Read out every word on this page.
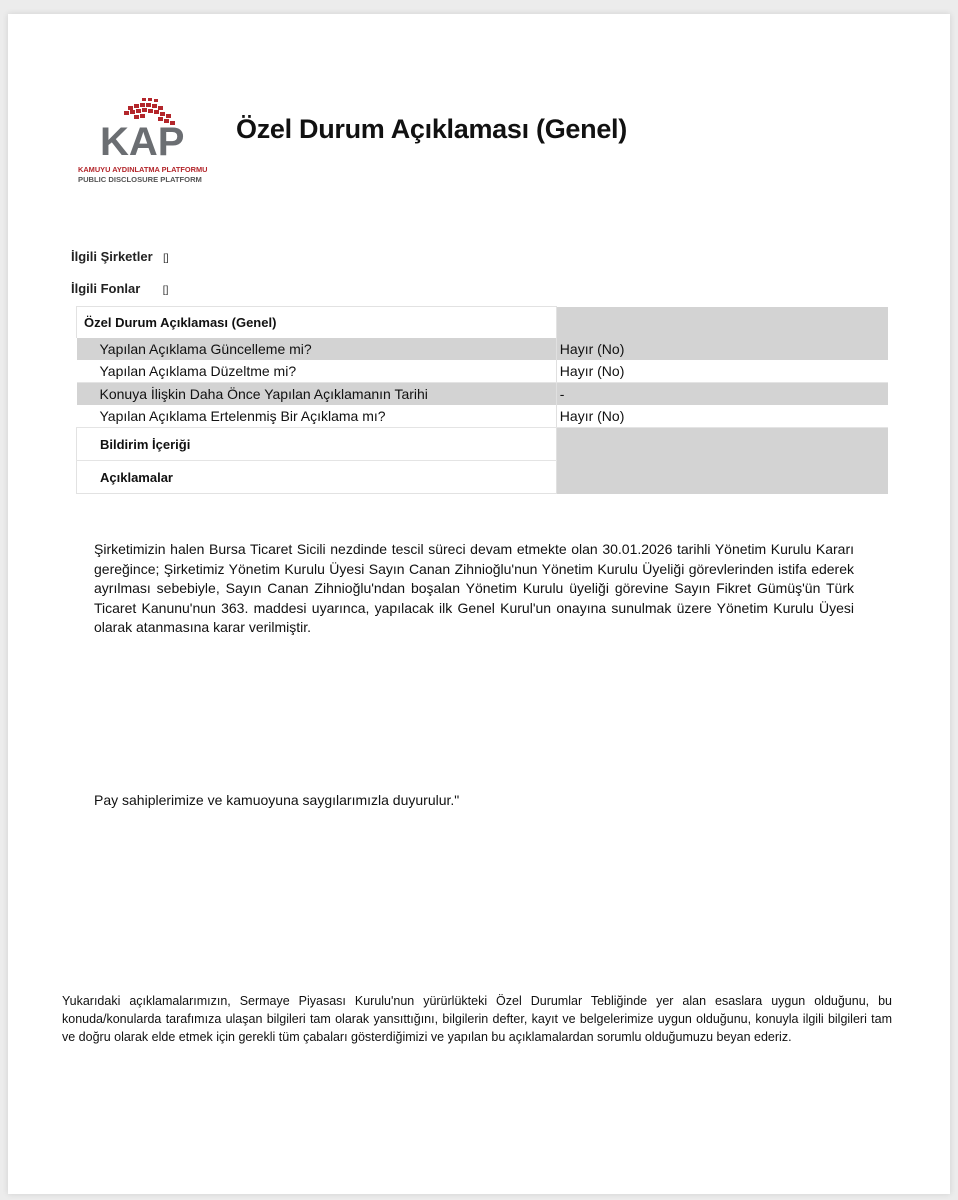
KAP
KAMUYU AYDINLATMA PLATFORMU
PUBLIC DISCLOSURE PLATFORM
Özel Durum Açıklaması (Genel)
İlgili Şirketler []
İlgili Fonlar []
Özel Durum Açıklaması (Genel)	
Yapılan Açıklama Güncelleme mi?	Hayır (No)
Yapılan Açıklama Düzeltme mi?	Hayır (No)
Konuya İlişkin Daha Önce Yapılan Açıklamanın Tarihi	-
Yapılan Açıklama Ertelenmiş Bir Açıklama mı?	Hayır (No)
Bildirim İçeriği	
Açıklamalar	
Şirketimizin halen Bursa Ticaret Sicili nezdinde tescil süreci devam etmekte olan 30.01.2026 tarihli Yönetim Kurulu Kararı gereğince; Şirketimiz Yönetim Kurulu Üyesi Sayın Canan Zihnioğlu'nun Yönetim Kurulu Üyeliği görevlerinden istifa ederek ayrılması sebebiyle, Sayın Canan Zihnioğlu'ndan boşalan Yönetim Kurulu üyeliği görevine Sayın Fikret Gümüş'ün Türk Ticaret Kanunu'nun 363. maddesi uyarınca, yapılacak ilk Genel Kurul'un onayına sunulmak üzere Yönetim Kurulu Üyesi olarak atanmasına karar verilmiştir.
Pay sahiplerimize ve kamuoyuna saygılarımızla duyurulur."
Yukarıdaki açıklamalarımızın, Sermaye Piyasası Kurulu'nun yürürlükteki Özel Durumlar Tebliğinde yer alan esaslara uygun olduğunu, bu konuda/konularda tarafımıza ulaşan bilgileri tam olarak yansıttığını, bilgilerin defter, kayıt ve belgelerimize uygun olduğunu, konuyla ilgili bilgileri tam ve doğru olarak elde etmek için gerekli tüm çabaları gösterdiğimizi ve yapılan bu açıklamalardan sorumlu olduğumuzu beyan ederiz.
